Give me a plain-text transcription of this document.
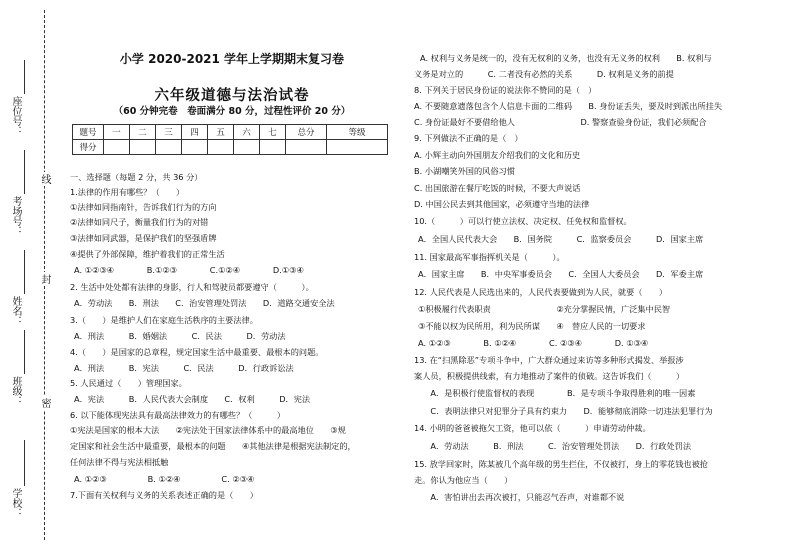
线
封
密
座位号：
考场号：
姓名：
班级：
学校：
小学 2020-2021 学年上学期期末复习卷
六年级道德与法治试卷
（60 分钟完卷　卷面满分 80 分，过程性评价 20 分）
题号	一	二	三	四	五	六	七	总分	等级
得分									
一、选择题（每题 2 分，共 36 分）
1.法律的作用有哪些？（　　）
①法律如同指南针，告诉我们行为的方向
②法律如同尺子，衡量我们行为的对错
③法律如同武器，是保护我们的坚强盾牌
④提供了外部保障，维护着我们的正常生活
A. ①②③④　　　　B.①②③　　　　C.①②④　　　　D.①③④
2. 生活中处处都有法律的身影，行人和驾驶员都要遵守（　　　）。
A．劳动法　　B．刑法　　C．治安管理处罚法　　D．道路交通安全法
3.（　　）是维护人们在家庭生活秩序的主要法律。
A．刑法　　　B．婚姻法　　　C．民法　　　D．劳动法
4.（　　）是国家的总章程，规定国家生活中最重要、最根本的问题。
A．刑法　　　B．宪法　　　C．民法　　　D．行政诉讼法
5. 人民通过（　　）管理国家。
A．宪法　　　B．人民代表大会制度　　C．权利　　　D．宪法
6. 以下能体现宪法具有最高法律效力的有哪些？（　　　）
①宪法是国家的根本大法　　②宪法处于国家法律体系中的最高地位　　③规
定国家和社会生活中最重要，最根本的问题　　④其他法律是根据宪法制定的，
任何法律不得与宪法相抵触
A. ①②③　　　　　B. ①②④　　　　　C. ②③④
7.下面有关权利与义务的关系表述正确的是（　　）
A. 权利与义务是统一的，没有无权利的义务，也没有无义务的权利　　B. 权利与
义务是对立的　　　C. 二者没有必然的关系　　　D. 权利是义务的前提
8. 下列关于居民身份证的说法你不赞同的是（　）
A. 不要随意遗落包含个人信息卡面的二维码　　B. 身份证丢失，要及时到派出所挂失
C. 身份证最好不要借给他人　　　　　　　　D. 警察查验身份证，我们必须配合
9. 下列做法不正确的是（　）
A. 小辉主动向外国朋友介绍我们的文化和历史
B. 小湖嘲笑外国的风俗习惯
C. 出国旅游在餐厅吃饭的时候，不要大声说话
D. 中国公民去到其他国家，必须遵守当地的法律
10.（　　　）可以行使立法权、决定权、任免权和监督权。
A．全国人民代表大会　　B．国务院　　　C．监察委员会　　　D．国家主席
11. 国家最高军事指挥机关是（　　　）。
A．国家主席　　B．中央军事委员会　　C．全国人大委员会　　D．军委主席
12. 人民代表是人民选出来的，人民代表要做到为人民，就要（　　）
①积极履行代表职责　　　　　　　　②充分掌握民情，广泛集中民智
③不能以权为民所用，利为民所谋　　④　替应人民的一切要求
A. ①②③　　　　B. ①②④　　　　C. ②③④　　　　D. ①③④
13. 在“扫黑除恶”专项斗争中，广大群众通过来访等多种形式揭发、举报涉
案人员，积极提供线索，有力地推动了案件的侦破。这告诉我们（　　　）
　　A．是积极行使监督权的表现　　　　B．是专项斗争取得胜利的唯一因素
　　C．表明法律只对犯罪分子具有约束力　　D．能够彻底消除一切违法犯罪行为
14. 小明的爸爸被拖欠工资，他可以依（　　　）申请劳动仲裁。
　　A．劳动法　　　B．刑法　　　C．治安管理处罚法　　D．行政处罚法
15. 放学回家时，陈某被几个高年级的男生拦住，不仅被打，身上的零花钱也被抢
走。你认为他应当（　　）
　　A．害怕讲出去再次被打，只能忍气吞声，对谁都不说
